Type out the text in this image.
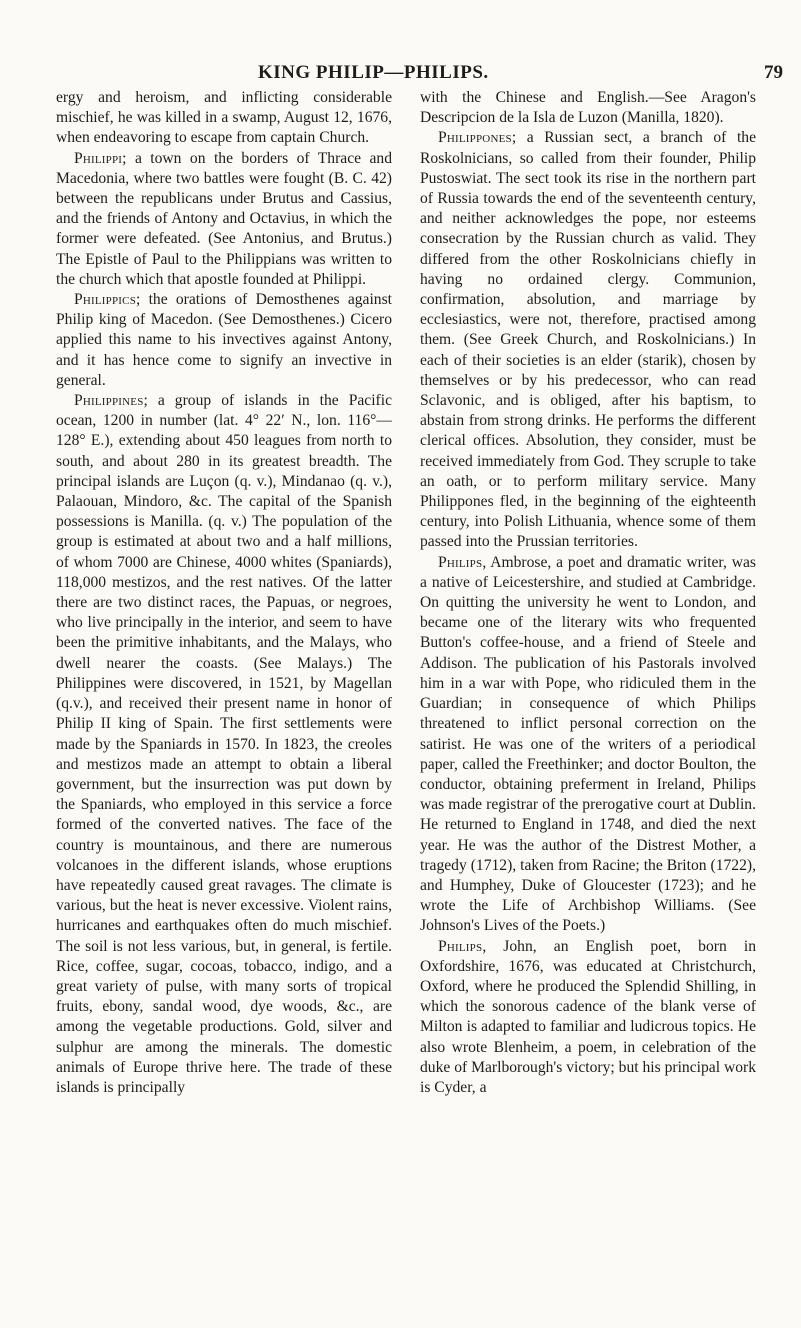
KING PHILIP—PHILIPS.	79

ergy and heroism, and inflicting considerable mischief, he was killed in a swamp, August 12, 1676, when endeavoring to escape from captain Church.

Philippi; a town on the borders of Thrace and Macedonia, where two battles were fought (B. C. 42) between the republicans under Brutus and Cassius, and the friends of Antony and Octavius, in which the former were defeated. (See Antonius, and Brutus.) The Epistle of Paul to the Philippians was written to the church which that apostle founded at Philippi.

Philippics; the orations of Demosthenes against Philip king of Macedon. (See Demosthenes.) Cicero applied this name to his invectives against Antony, and it has hence come to signify an invective in general.

Philippines; a group of islands in the Pacific ocean, 1200 in number (lat. 4° 22′ N., lon. 116°—128° E.), extending about 450 leagues from north to south, and about 280 in its greatest breadth. The principal islands are Luçon (q. v.), Mindanao (q. v.), Palaouan, Mindoro, &c. The capital of the Spanish possessions is Manilla. (q. v.) The population of the group is estimated at about two and a half millions, of whom 7000 are Chinese, 4000 whites (Spaniards), 118,000 mestizos, and the rest natives. Of the latter there are two distinct races, the Papuas, or negroes, who live principally in the interior, and seem to have been the primitive inhabitants, and the Malays, who dwell nearer the coasts. (See Malays.) The Philippines were discovered, in 1521, by Magellan (q.v.), and received their present name in honor of Philip II king of Spain. The first settlements were made by the Spaniards in 1570. In 1823, the creoles and mestizos made an attempt to obtain a liberal government, but the insurrection was put down by the Spaniards, who employed in this service a force formed of the converted natives. The face of the country is mountainous, and there are numerous volcanoes in the different islands, whose eruptions have repeatedly caused great ravages. The climate is various, but the heat is never excessive. Violent rains, hurricanes and earthquakes often do much mischief. The soil is not less various, but, in general, is fertile. Rice, coffee, sugar, cocoas, tobacco, indigo, and a great variety of pulse, with many sorts of tropical fruits, ebony, sandal wood, dye woods, &c., are among the vegetable productions. Gold, silver and sulphur are among the minerals. The domestic animals of Europe thrive here. The trade of these islands is principally

with the Chinese and English.—See Aragon's Descripcion de la Isla de Luzon (Manilla, 1820).

Philippones; a Russian sect, a branch of the Roskolnicians, so called from their founder, Philip Pustoswiat. The sect took its rise in the northern part of Russia towards the end of the seventeenth century, and neither acknowledges the pope, nor esteems consecration by the Russian church as valid. They differed from the other Roskolnicians chiefly in having no ordained clergy. Communion, confirmation, absolution, and marriage by ecclesiastics, were not, therefore, practised among them. (See Greek Church, and Roskolnicians.) In each of their societies is an elder (starik), chosen by themselves or by his predecessor, who can read Sclavonic, and is obliged, after his baptism, to abstain from strong drinks. He performs the different clerical offices. Absolution, they consider, must be received immediately from God. They scruple to take an oath, or to perform military service. Many Philippones fled, in the beginning of the eighteenth century, into Polish Lithuania, whence some of them passed into the Prussian territories.

Philips, Ambrose, a poet and dramatic writer, was a native of Leicestershire, and studied at Cambridge. On quitting the university he went to London, and became one of the literary wits who frequented Button's coffee-house, and a friend of Steele and Addison. The publication of his Pastorals involved him in a war with Pope, who ridiculed them in the Guardian; in consequence of which Philips threatened to inflict personal correction on the satirist. He was one of the writers of a periodical paper, called the Freethinker; and doctor Boulton, the conductor, obtaining preferment in Ireland, Philips was made registrar of the prerogative court at Dublin. He returned to England in 1748, and died the next year. He was the author of the Distrest Mother, a tragedy (1712), taken from Racine; the Briton (1722), and Humphey, Duke of Gloucester (1723); and he wrote the Life of Archbishop Williams. (See Johnson's Lives of the Poets.)

Philips, John, an English poet, born in Oxfordshire, 1676, was educated at Christchurch, Oxford, where he produced the Splendid Shilling, in which the sonorous cadence of the blank verse of Milton is adapted to familiar and ludicrous topics. He also wrote Blenheim, a poem, in celebration of the duke of Marlborough's victory; but his principal work is Cyder, a
